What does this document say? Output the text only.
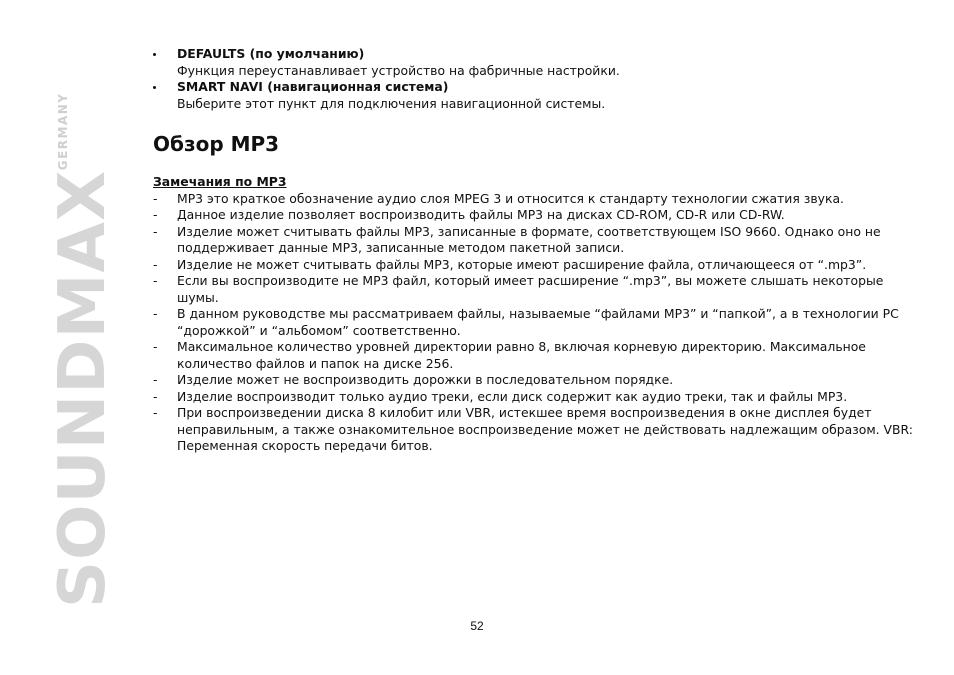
SOUNDMAX
GERMANY
DEFAULTS (по умолчанию)
Функция переустанавливает устройство на фабричные настройки.
SMART NAVI (навигационная система)
Выберите этот пункт для подключения навигационной системы.
Обзор MP3
Замечания по MP3
- MP3 это краткое обозначение аудио слоя MPEG 3 и относится к стандарту технологии сжатия звука.
- Данное изделие позволяет воспроизводить файлы MP3 на дисках CD-ROM, CD-R или CD-RW.
- Изделие может считывать файлы MP3, записанные в формате, соответствующем ISO 9660. Однако оно не поддерживает данные MP3, записанные методом пакетной записи.
- Изделие не может считывать файлы MP3, которые имеют расширение файла, отличающееся от “.mp3”.
- Если вы воспроизводите не MP3 файл, который имеет расширение “.mp3”, вы можете слышать некоторые шумы.
- В данном руководстве мы рассматриваем файлы, называемые “файлами MP3” и “папкой”, а в технологии PC “дорожкой” и “альбомом” соответственно.
- Максимальное количество уровней директории равно 8, включая корневую директорию. Максимальное количество файлов и папок на диске 256.
- Изделие может не воспроизводить дорожки в последовательном порядке.
- Изделие воспроизводит только аудио треки, если диск содержит как аудио треки, так и файлы MP3.
- При воспроизведении диска 8 килобит или VBR, истекшее время воспроизведения в окне дисплея будет неправильным, а также ознакомительное воспроизведение может не действовать надлежащим образом. VBR: Переменная скорость передачи битов.
52
